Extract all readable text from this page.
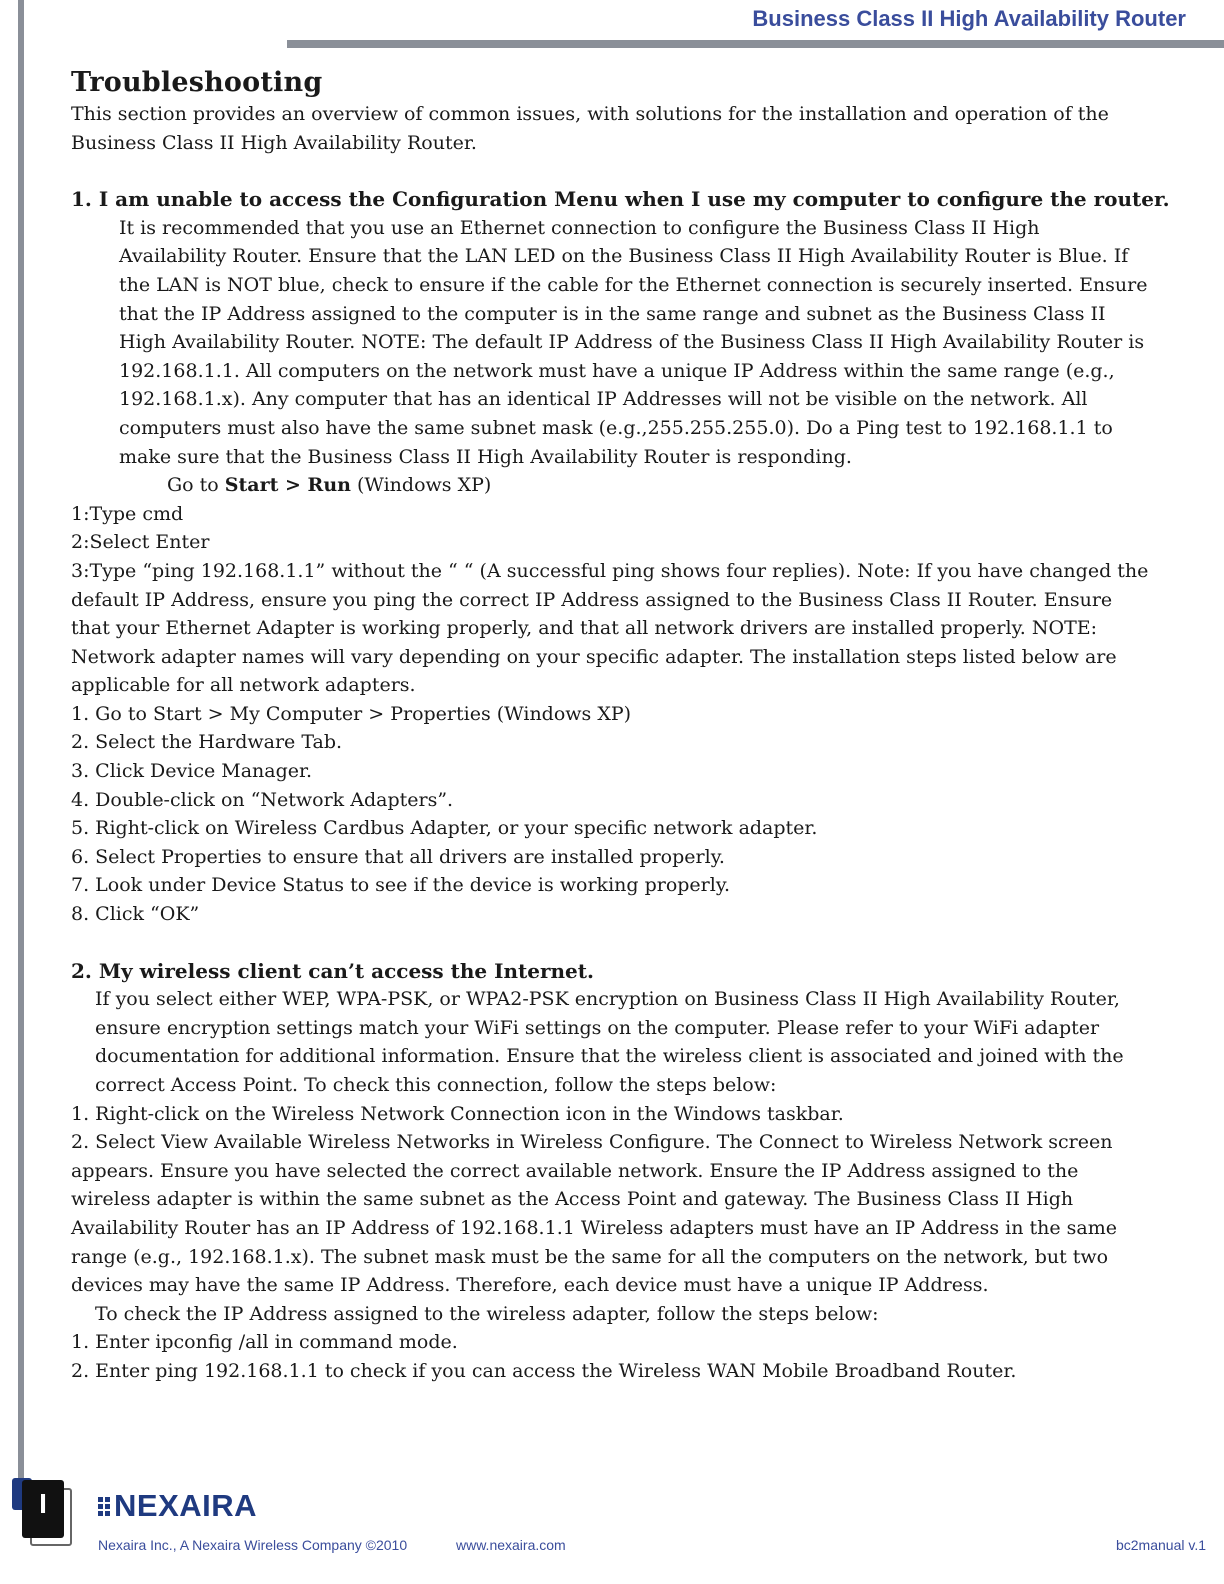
Business Class II High Availability Router
Troubleshooting

This section provides an overview of common issues, with solutions for the installation and operation of the Business Class II High Availability Router.

1. I am unable to access the Configuration Menu when I use my computer to configure the router.

It is recommended that you use an Ethernet connection to configure the Business Class II High Availability Router. Ensure that the LAN LED on the Business Class II High Availability Router is Blue. If the LAN is NOT blue, check to ensure if the cable for the Ethernet connection is securely inserted. Ensure that the IP Address assigned to the computer is in the same range and subnet as the Business Class II High Availability Router. NOTE: The default IP Address of the Business Class II High Availability Router is 192.168.1.1. All computers on the network must have a unique IP Address within the same range (e.g., 192.168.1.x). Any computer that has an identical IP Addresses will not be visible on the network. All computers must also have the same subnet mask (e.g.,255.255.255.0). Do a Ping test to 192.168.1.1 to make sure that the Business Class II High Availability Router is responding.

Go to Start > Run (Windows XP)
1:Type cmd
2:Select Enter
3:Type “ping 192.168.1.1” without the “ “ (A successful ping shows four replies). Note: If you have changed the default IP Address, ensure you ping the correct IP Address assigned to the Business Class II Router. Ensure that your Ethernet Adapter is working properly, and that all network drivers are installed properly. NOTE: Network adapter names will vary depending on your specific adapter. The installation steps listed below are applicable for all network adapters.
1. Go to Start > My Computer > Properties (Windows XP)
2. Select the Hardware Tab.
3. Click Device Manager.
4. Double-click on “Network Adapters”.
5. Right-click on Wireless Cardbus Adapter, or your specific network adapter.
6. Select Properties to ensure that all drivers are installed properly.
7. Look under Device Status to see if the device is working properly.
8. Click “OK”
2. My wireless client can’t access the Internet.

If you select either WEP, WPA-PSK, or WPA2-PSK encryption on Business Class II High Availability Router, ensure encryption settings match your WiFi settings on the computer. Please refer to your WiFi adapter documentation for additional information. Ensure that the wireless client is associated and joined with the correct Access Point. To check this connection, follow the steps below:

1. Right-click on the Wireless Network Connection icon in the Windows taskbar.
2. Select View Available Wireless Networks in Wireless Configure. The Connect to Wireless Network screen appears. Ensure you have selected the correct available network. Ensure the IP Address assigned to the wireless adapter is within the same subnet as the Access Point and gateway. The Business Class II High Availability Router has an IP Address of 192.168.1.1 Wireless adapters must have an IP Address in the same range (e.g., 192.168.1.x). The subnet mask must be the same for all the computers on the network, but two devices may have the same IP Address. Therefore, each device must have a unique IP Address.

To check the IP Address assigned to the wireless adapter, follow the steps below:

1. Enter ipconfig /all in command mode.
2. Enter ping 192.168.1.1 to check if you can access the Wireless WAN Mobile Broadband Router.
I	NEXAIRA
Nexaira Inc., A Nexaira Wireless Company ©2010	www.nexaira.com	bc2manual v.1
